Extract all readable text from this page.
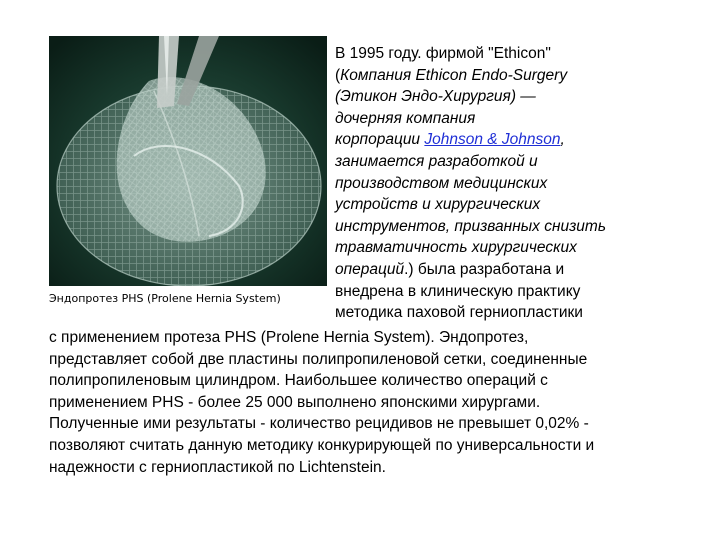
Эндопротез PHS (Prolene Hernia System)
В 1995 году. фирмой "Ethicon"
(Компания Ethicon Endo-Surgery
(Этикон Эндо-Хирургия) —
дочерняя компания
корпорации Johnson & Johnson,
занимается разработкой и
производством медицинских
устройств и хирургических
инструментов, призванных снизить
травматичность хирургических
операций.) была разработана и
внедрена в клиническую практику
методика паховой герниопластики
с применением протеза PHS (Prolene Hernia System). Эндопротез,
представляет собой две пластины полипропиленовой сетки, соединенные
полипропиленовым цилиндром. Наибольшее количество операций с
применением PHS - более 25 000 выполнено японскими хирургами.
Полученные ими результаты - количество рецидивов не превышет 0,02% -
позволяют считать данную методику конкурирующей по универсальности и
надежности с герниопластикой по Lichtenstein.
